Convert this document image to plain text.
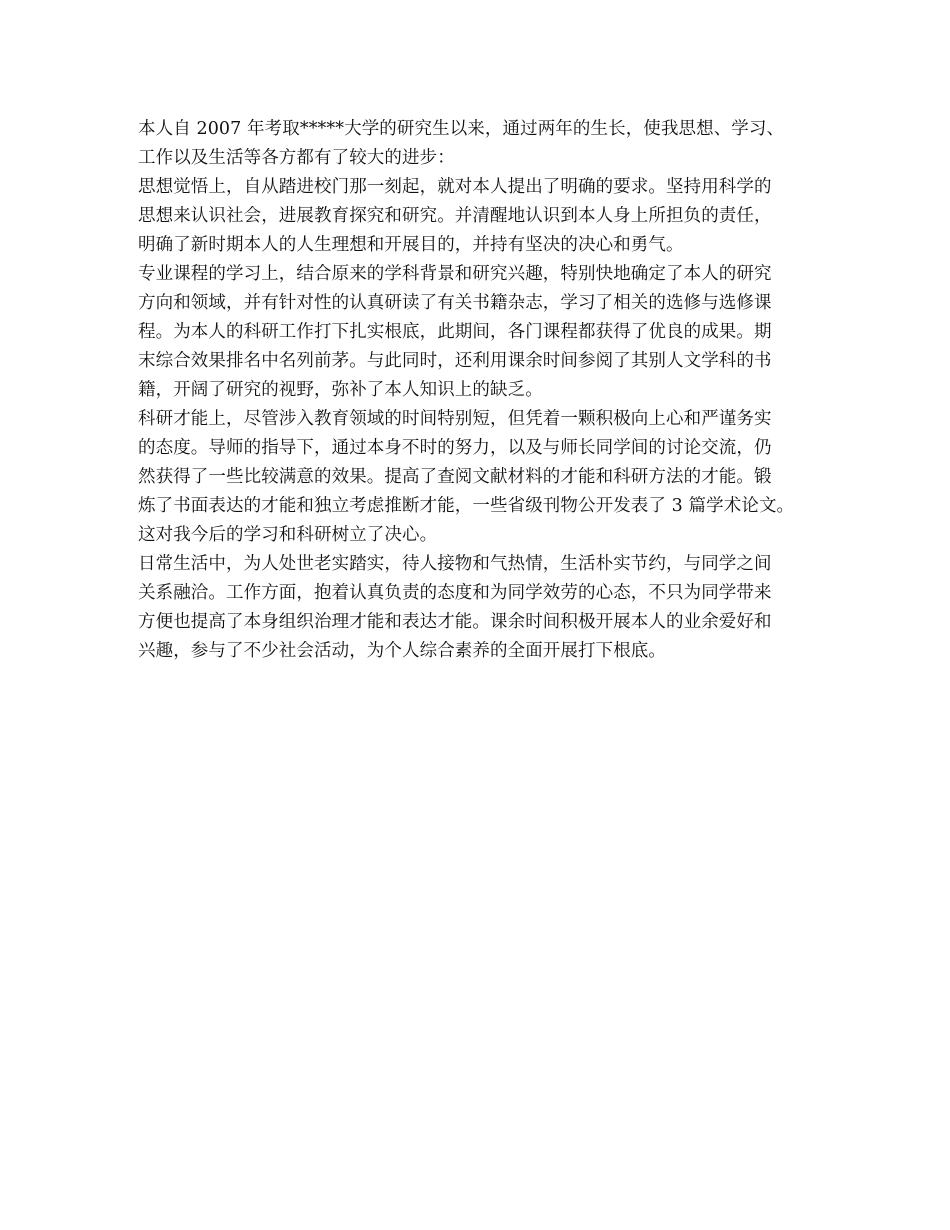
本人自 2007 年考取*****大学的研究生以来，通过两年的生长，使我思想、学习、
工作以及生活等各方都有了较大的进步：
思想觉悟上，自从踏进校门那一刻起，就对本人提出了明确的要求。坚持用科学的
思想来认识社会，进展教育探究和研究。并清醒地认识到本人身上所担负的责任，
明确了新时期本人的人生理想和开展目的，并持有坚决的决心和勇气。
专业课程的学习上，结合原来的学科背景和研究兴趣，特别快地确定了本人的研究
方向和领域，并有针对性的认真研读了有关书籍杂志，学习了相关的选修与选修课
程。为本人的科研工作打下扎实根底，此期间，各门课程都获得了优良的成果。期
末综合效果排名中名列前茅。与此同时，还利用课余时间参阅了其别人文学科的书
籍，开阔了研究的视野，弥补了本人知识上的缺乏。
科研才能上，尽管涉入教育领域的时间特别短，但凭着一颗积极向上心和严谨务实
的态度。导师的指导下，通过本身不时的努力，以及与师长同学间的讨论交流，仍
然获得了一些比较满意的效果。提高了查阅文献材料的才能和科研方法的才能。锻
炼了书面表达的才能和独立考虑推断才能，一些省级刊物公开发表了 3 篇学术论文。
这对我今后的学习和科研树立了决心。
日常生活中，为人处世老实踏实，待人接物和气热情，生活朴实节约，与同学之间
关系融洽。工作方面，抱着认真负责的态度和为同学效劳的心态，不只为同学带来
方便也提高了本身组织治理才能和表达才能。课余时间积极开展本人的业余爱好和
兴趣，参与了不少社会活动，为个人综合素养的全面开展打下根底。
